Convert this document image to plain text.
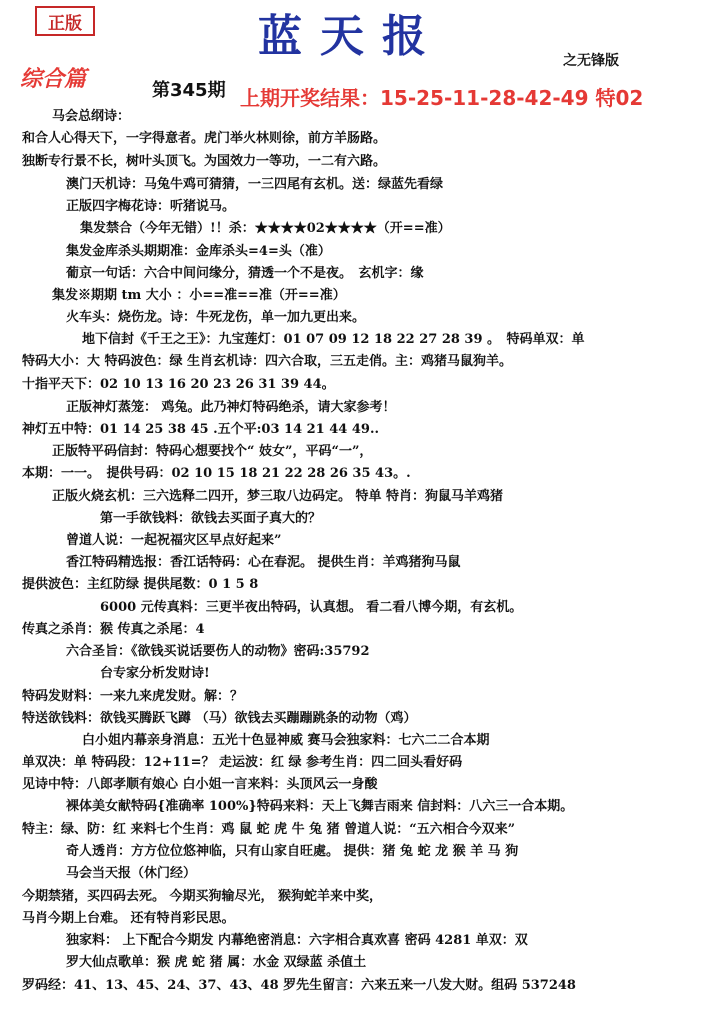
正版	蓝天报	之无锋版
综合篇	第345期 上期开奖结果：15-25-11-28-42-49 特02
马会总纲诗：
和合人心得天下，一字得意者。虎门举火林则徐，前方羊肠路。
独断专行景不长，树叶头顶飞。为国效力一等功，一二有六路。
澳门天机诗：马兔牛鸡可猜猜，一三四尾有玄机。送：绿蓝先看绿
正版四字梅花诗：听猪说马。
集发禁合（今年无错）!！杀：★★★★02★★★★（开==准）
集发金库杀头期期准：金库杀头=4=头（准）
葡京一句话：六合中间问缘分，猜透一个不是夜。　玄机字：缘
集发※期期 tm 大小 ：小==准==准（开==准）
火车头：烧伤龙。诗：牛死龙伤，单一加九更出来。
地下信封《千王之王》：九宝莲灯：01 07 09 12 18 22 27 28 39 。　特码单双：单
特码大小：大 特码波色：绿 生肖玄机诗：四六合取，三五走俏。主：鸡猪马鼠狗羊。
十指平天下：02 10 13 16 20 23 26 31 39 44。
正版神灯蒸笼： 鸡兔。此乃神灯特码绝杀，请大家参考！
神灯五中特：01 14 25 38 45 .五个平:03 14 21 44 49..
正版特平码信封：特码心想要找个“ 妓女”，平码“一”，
本期：一一。　提供号码：02 10 15 18 21 22 28 26 35 43。.
正版火烧玄机：三六选释二四开，梦三取八边码定。 特单 特肖：狗鼠马羊鸡猪
第一手欲钱料：欲钱去买面子真大的？
曾道人说：一起祝福灾区早点好起来”
香江特码精选报：香江话特码：心在春泥。 提供生肖：羊鸡猪狗马鼠
提供波色：主红防绿 提供尾数：0 1 5 8
6000 元传真料：三更半夜出特码，认真想。 看二看八博今期，有玄机。
传真之杀肖：猴 传真之杀尾：4
六合圣旨：《欲钱买说话要伤人的动物》密码:35792
台专家分析发财诗!
特码发财料：一来九来虎发财。解：？
特送欲钱料：欲钱买腾跃飞蹲 （马）欲钱去买蹦蹦跳条的动物（鸡）
白小姐内幕亲身消息：五光十色显神威 赛马会独家料：七六二二合本期
单双决：单 特码段：12+11=？ 走运波：红 绿 参考生肖：四二回头看好码
见诗中特：八郎孝顺有娘心 白小姐一言来料：头顶风云一身酸
裸体美女献特码{准确率 100%}特码来料：天上飞舞吉雨来 信封料：八六三一合本期。
特主：绿、防：红 来料七个生肖：鸡 鼠 蛇 虎 牛 兔 猪 曾道人说：“五六相合今双来”
奇人透肖：方方位位悠神临，只有山家自旺處。 提供：猪 兔 蛇 龙 猴 羊 马 狗
马会当天报（休门经）
今期禁猪，买四码去死。 今期买狗输尽光， 猴狗蛇羊来中奖，
马肖今期上台难。 还有特肖彩民思。
独家料： 上下配合今期发 内幕绝密消息：六字相合真欢喜 密码 4281 单双：双
罗大仙点歌单：猴 虎 蛇 猪 属：水金 双绿蓝 杀值土
罗码经：41、13、45、24、37、43、48 罗先生留言：六来五来一八发大财。组码 537248
